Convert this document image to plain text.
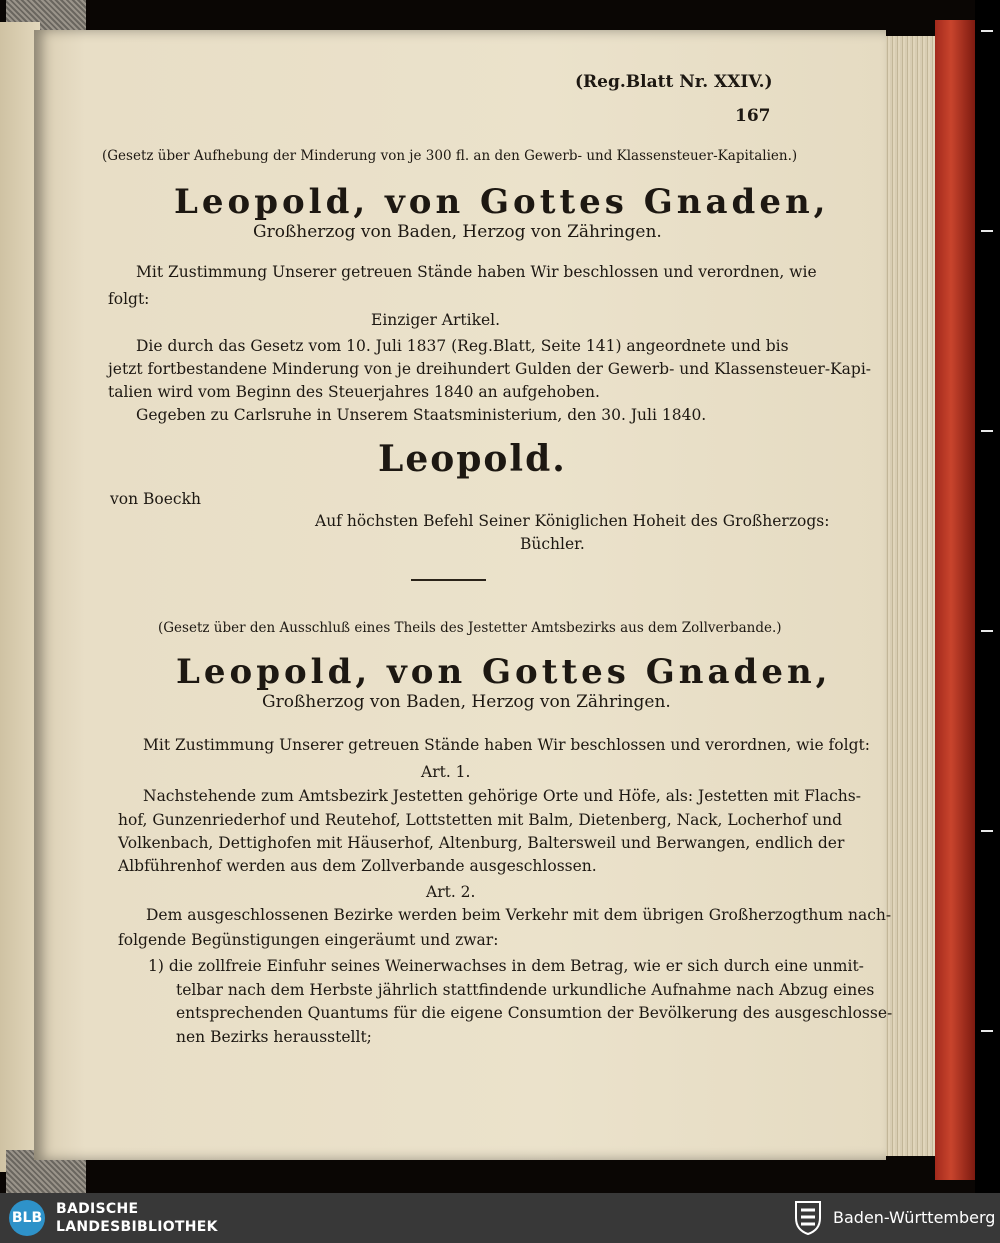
(Reg.Blatt Nr. XXIV.)
167
(Gesetz über Aufhebung der Minderung von je 300 fl. an den Gewerb- und Klassensteuer-Kapitalien.)
Leopold, von Gottes Gnaden,
Großherzog von Baden, Herzog von Zähringen.
Mit Zustimmung Unserer getreuen Stände haben Wir beschlossen und verordnen, wie
folgt:
Einziger Artikel.
Die durch das Gesetz vom 10. Juli 1837 (Reg.Blatt, Seite 141) angeordnete und bis
jetzt fortbestandene Minderung von je dreihundert Gulden der Gewerb- und Klassensteuer-Kapi-
talien wird vom Beginn des Steuerjahres 1840 an aufgehoben.
Gegeben zu Carlsruhe in Unserem Staatsministerium, den 30. Juli 1840.
Leopold.
von Boeckh
Auf höchsten Befehl Seiner Königlichen Hoheit des Großherzogs:
Büchler.
(Gesetz über den Ausschluß eines Theils des Jestetter Amtsbezirks aus dem Zollverbande.)
Leopold, von Gottes Gnaden,
Großherzog von Baden, Herzog von Zähringen.
Mit Zustimmung Unserer getreuen Stände haben Wir beschlossen und verordnen, wie folgt:
Art. 1.
Nachstehende zum Amtsbezirk Jestetten gehörige Orte und Höfe, als: Jestetten mit Flachs-
hof, Gunzenriederhof und Reutehof, Lottstetten mit Balm, Dietenberg, Nack, Locherhof und
Volkenbach, Dettighofen mit Häuserhof, Altenburg, Baltersweil und Berwangen, endlich der
Albführenhof werden aus dem Zollverbande ausgeschlossen.
Art. 2.
Dem ausgeschlossenen Bezirke werden beim Verkehr mit dem übrigen Großherzogthum nach-
folgende Begünstigungen eingeräumt und zwar:
1) die zollfreie Einfuhr seines Weinerwachses in dem Betrag, wie er sich durch eine unmit-
telbar nach dem Herbste jährlich stattfindende urkundliche Aufnahme nach Abzug eines
entsprechenden Quantums für die eigene Consumtion der Bevölkerung des ausgeschlosse-
nen Bezirks herausstellt;
BLB
BADISCHE
LANDESBIBLIOTHEK	Baden-Württemberg
